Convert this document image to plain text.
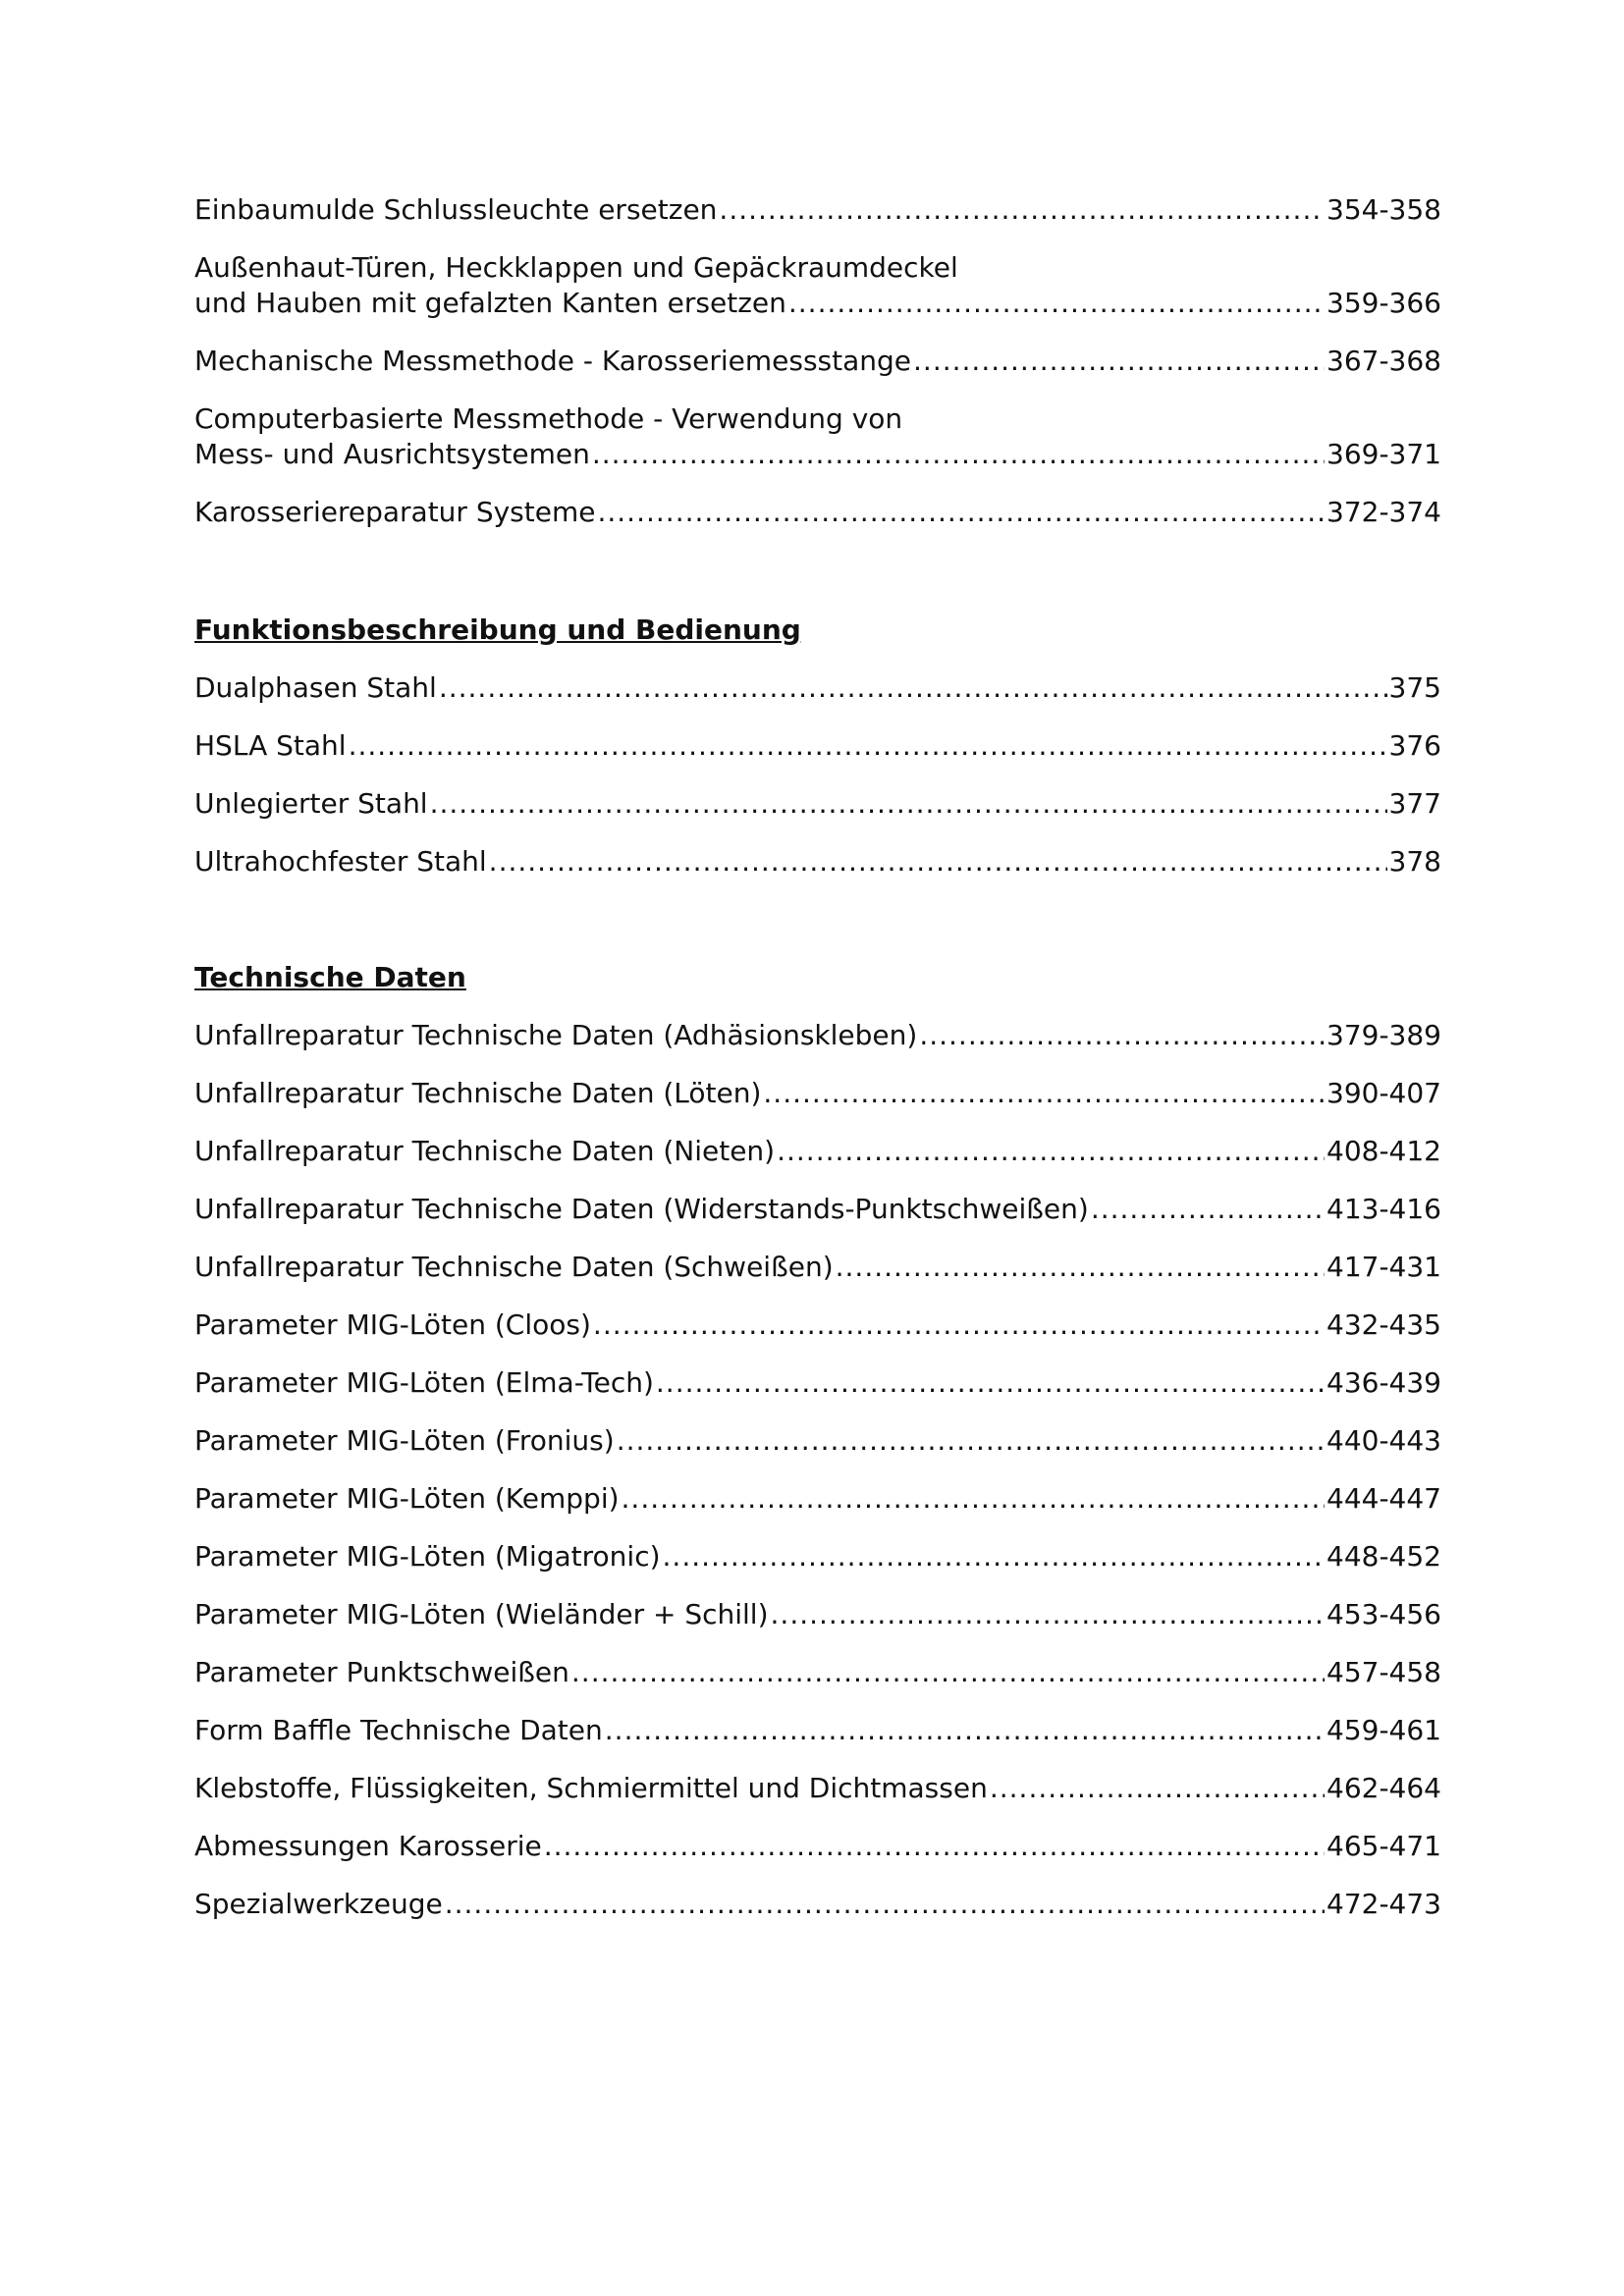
Einbaumulde Schlussleuchte ersetzen .....	354-358
Außenhaut-Türen, Heckklappen und Gepäckraumdeckel
und Hauben mit gefalzten Kanten ersetzen .....	359-366
Mechanische Messmethode - Karosseriemessstange .....	367-368
Computerbasierte Messmethode - Verwendung von
Mess- und Ausrichtsystemen .....	369-371
Karosseriereparatur Systeme .....	372-374
Funktionsbeschreibung und Bedienung
Dualphasen Stahl .....	375
HSLA Stahl .....	376
Unlegierter Stahl .....	377
Ultrahochfester Stahl .....	378
Technische Daten
Unfallreparatur Technische Daten (Adhäsionskleben) .....	379-389
Unfallreparatur Technische Daten (Löten) .....	390-407
Unfallreparatur Technische Daten (Nieten) .....	408-412
Unfallreparatur Technische Daten (Widerstands-Punktschweißen) .....	413-416
Unfallreparatur Technische Daten (Schweißen) .....	417-431
Parameter MIG-Löten (Cloos) .....	432-435
Parameter MIG-Löten (Elma-Tech) .....	436-439
Parameter MIG-Löten (Fronius) .....	440-443
Parameter MIG-Löten (Kemppi) .....	444-447
Parameter MIG-Löten (Migatronic) .....	448-452
Parameter MIG-Löten (Wieländer + Schill) .....	453-456
Parameter Punktschweißen .....	457-458
Form Baffle Technische Daten .....	459-461
Klebstoffe, Flüssigkeiten, Schmiermittel und Dichtmassen .....	462-464
Abmessungen Karosserie .....	465-471
Spezialwerkzeuge .....	472-473
